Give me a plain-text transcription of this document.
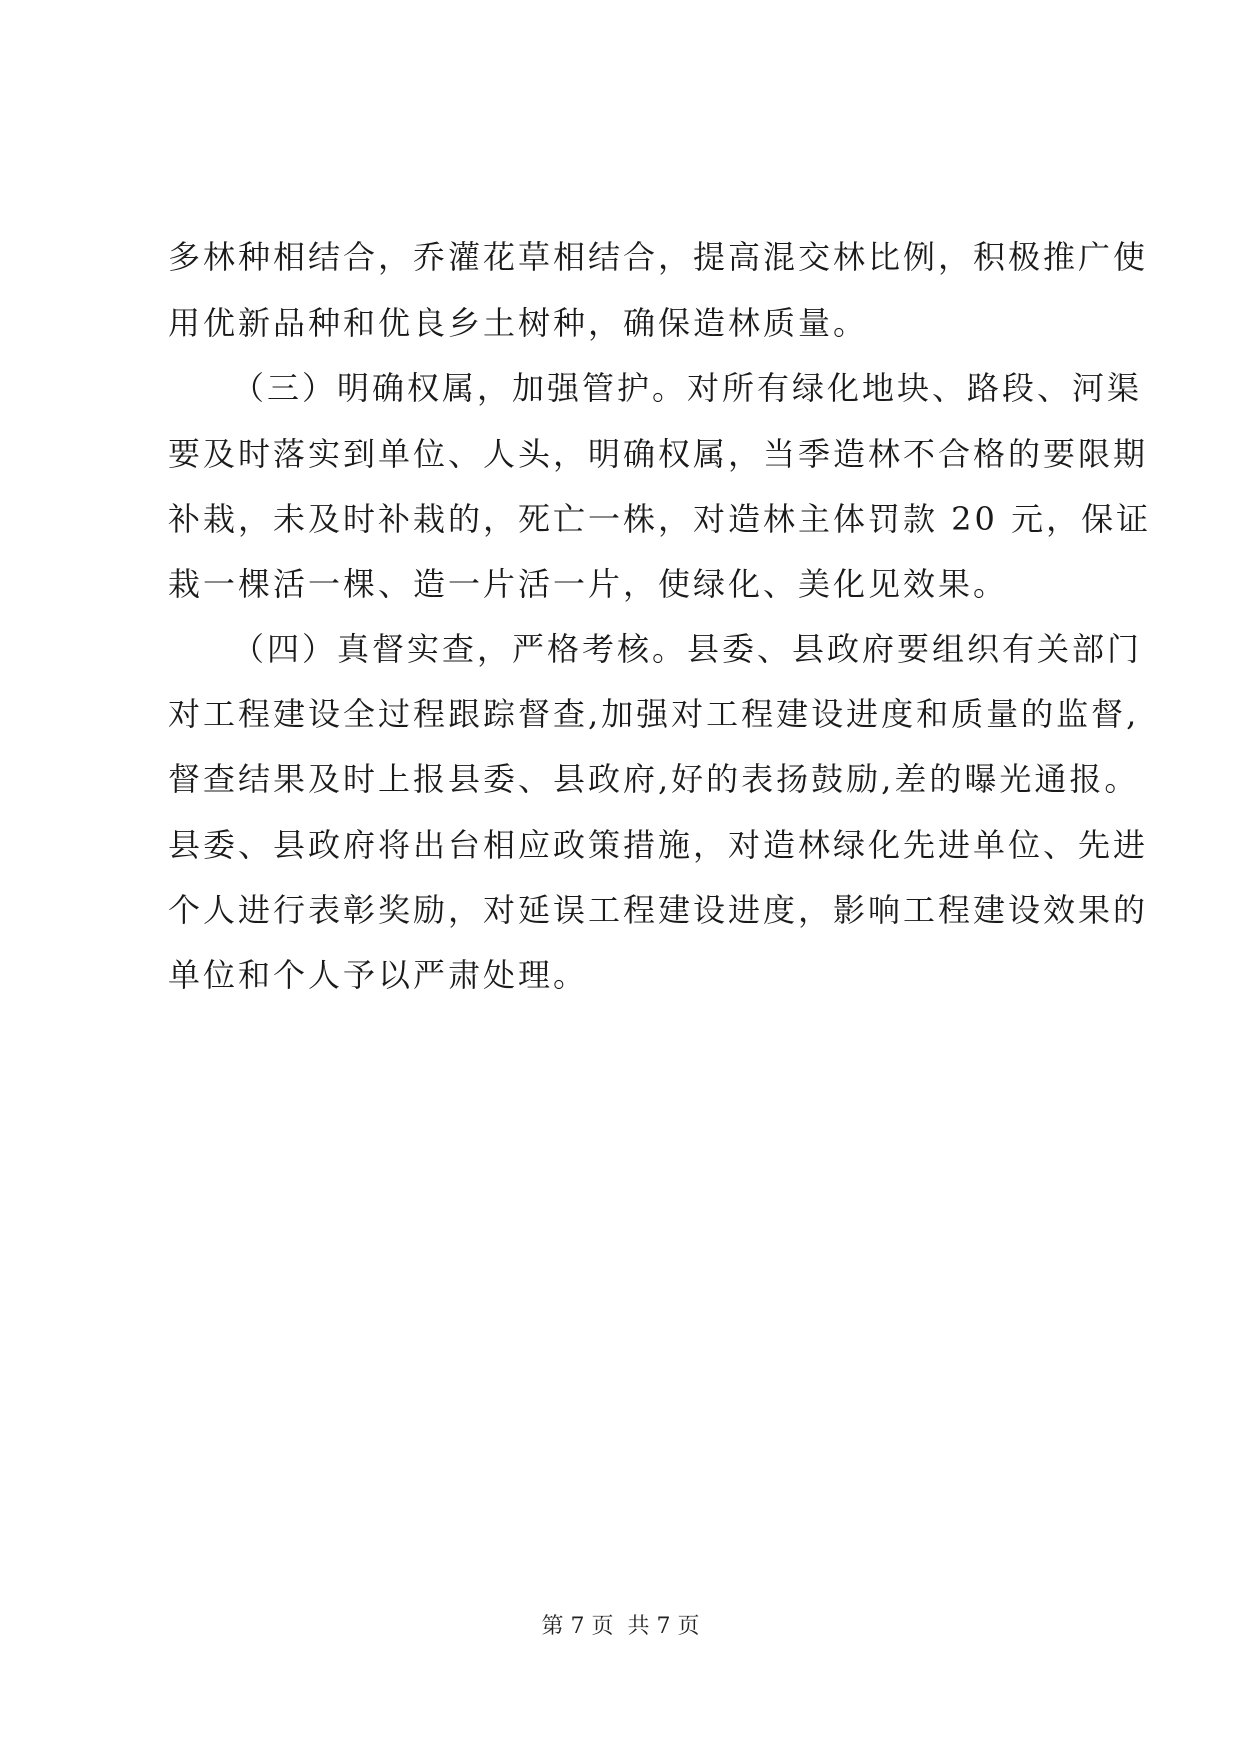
多林种相结合，乔灌花草相结合，提高混交林比例，积极推广使
用优新品种和优良乡土树种，确保造林质量。
（三）明确权属，加强管护。对所有绿化地块、路段、河渠
要及时落实到单位、人头，明确权属，当季造林不合格的要限期
补栽，未及时补栽的，死亡一株，对造林主体罚款 20 元，保证
栽一棵活一棵、造一片活一片，使绿化、美化见效果。
（四）真督实查，严格考核。县委、县政府要组织有关部门
对工程建设全过程跟踪督查,加强对工程建设进度和质量的监督,
督查结果及时上报县委、县政府,好的表扬鼓励,差的曝光通报。
县委、县政府将出台相应政策措施，对造林绿化先进单位、先进
个人进行表彰奖励，对延误工程建设进度，影响工程建设效果的
单位和个人予以严肃处理。
第 7 页  共 7 页
